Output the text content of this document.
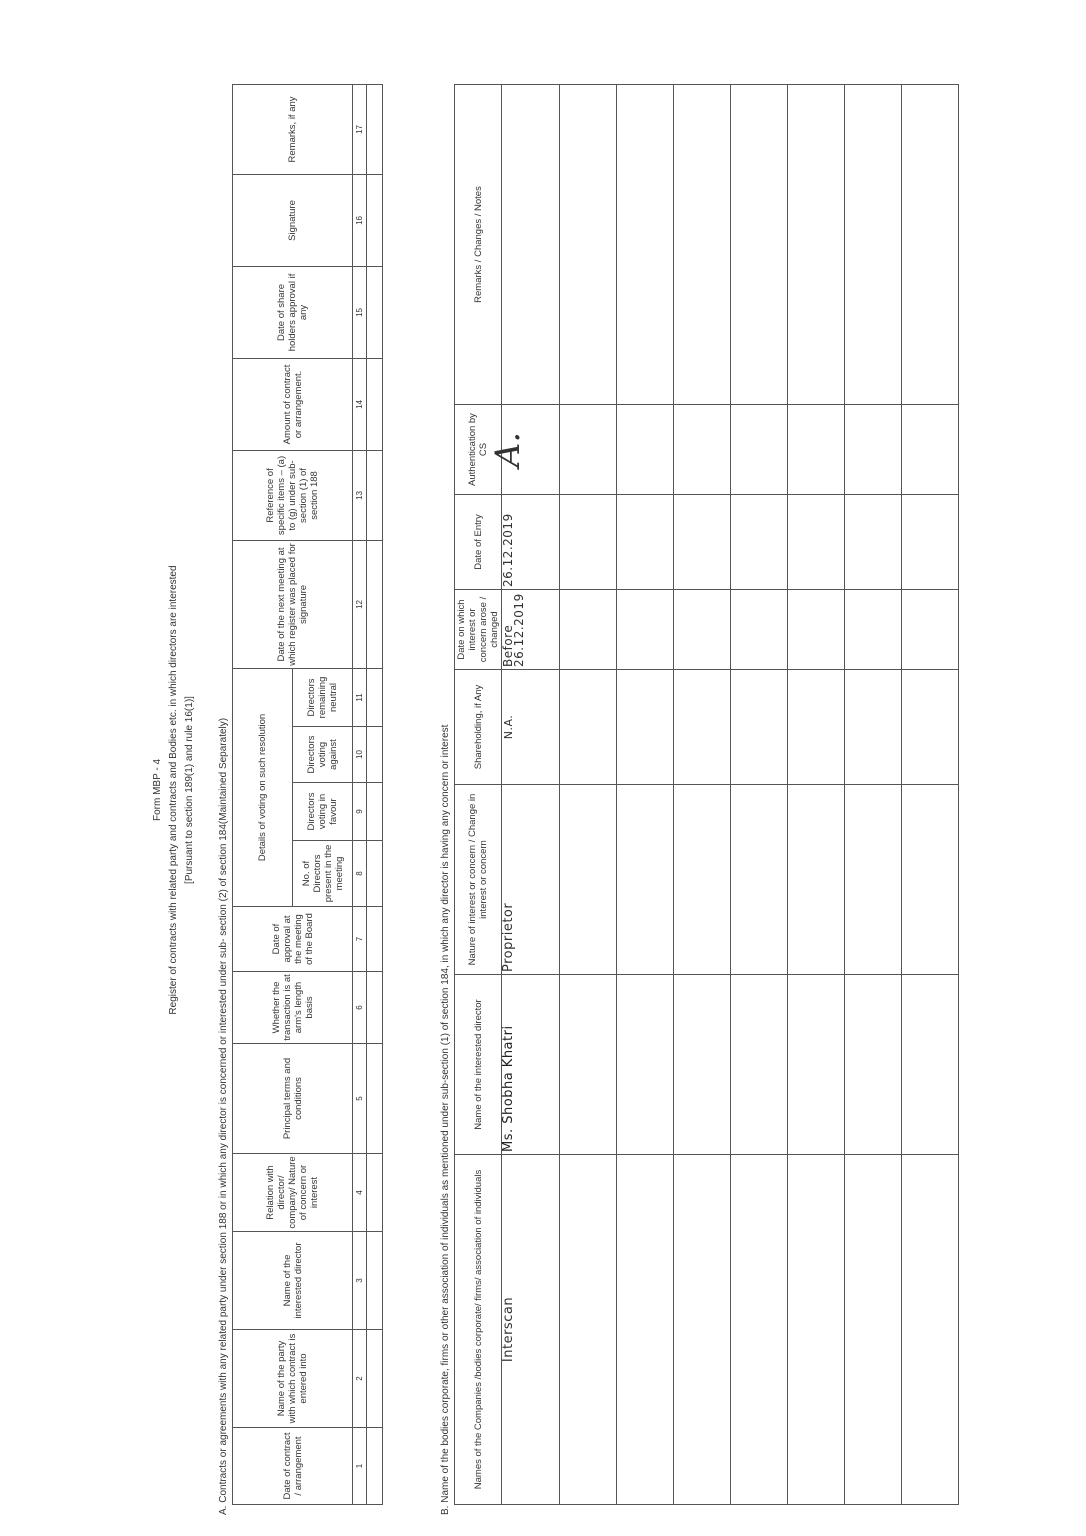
Form MBP - 4 Register of contracts with related party and contracts and Bodies etc. in which directors are interested [Pursuant to section 189(1) and rule 16(1)] A. Contracts or agreements with any related party under section 188 or in which any director is concerned or interested under sub- section (2) of section 184(Maintained Separately)	Date of contract / arrangement	Name of the party with which contract is entered into	Name of the interested director	Relation with director/ company/ Nature of concern or interest	Principal terms and conditions	Whether the transaction is at arm's length basis	Date of approval at the meeting of the Board	Details of voting on such resolution				Date of the next meeting at which register was placed for signature	Reference of specific items – (a) to (g) under sub-section (1) of section 188	Amount of contract or arrangement.	Date of share holders approval if any	Signature	Remarks, if any
							No. of Directors present in the meeting	Directors voting in favour	Directors voting against	Directors remaining neutral						
1	2	3	4	5	6	7	8	9	10	11	12	13	14	15	16	17

B. Name of the bodies corporate, firms or other association of individuals as mentioned under sub-section (1) of section 184, in which any director is having any concern or interest Names of the Companies /bodies corporate/ firms/ association of individuals	Name of the interested director	Nature of interest or concern / Change in interest or concern	Shareholding, if Any	Date on which interest or concern arose / changed	Date of Entry	Authentication by CS	Remarks / Changes / Notes
Interscan	Ms. Shobha Khatri	Proprietor	N.A.	Before 26.12.2019	26.12.2019	A.	
